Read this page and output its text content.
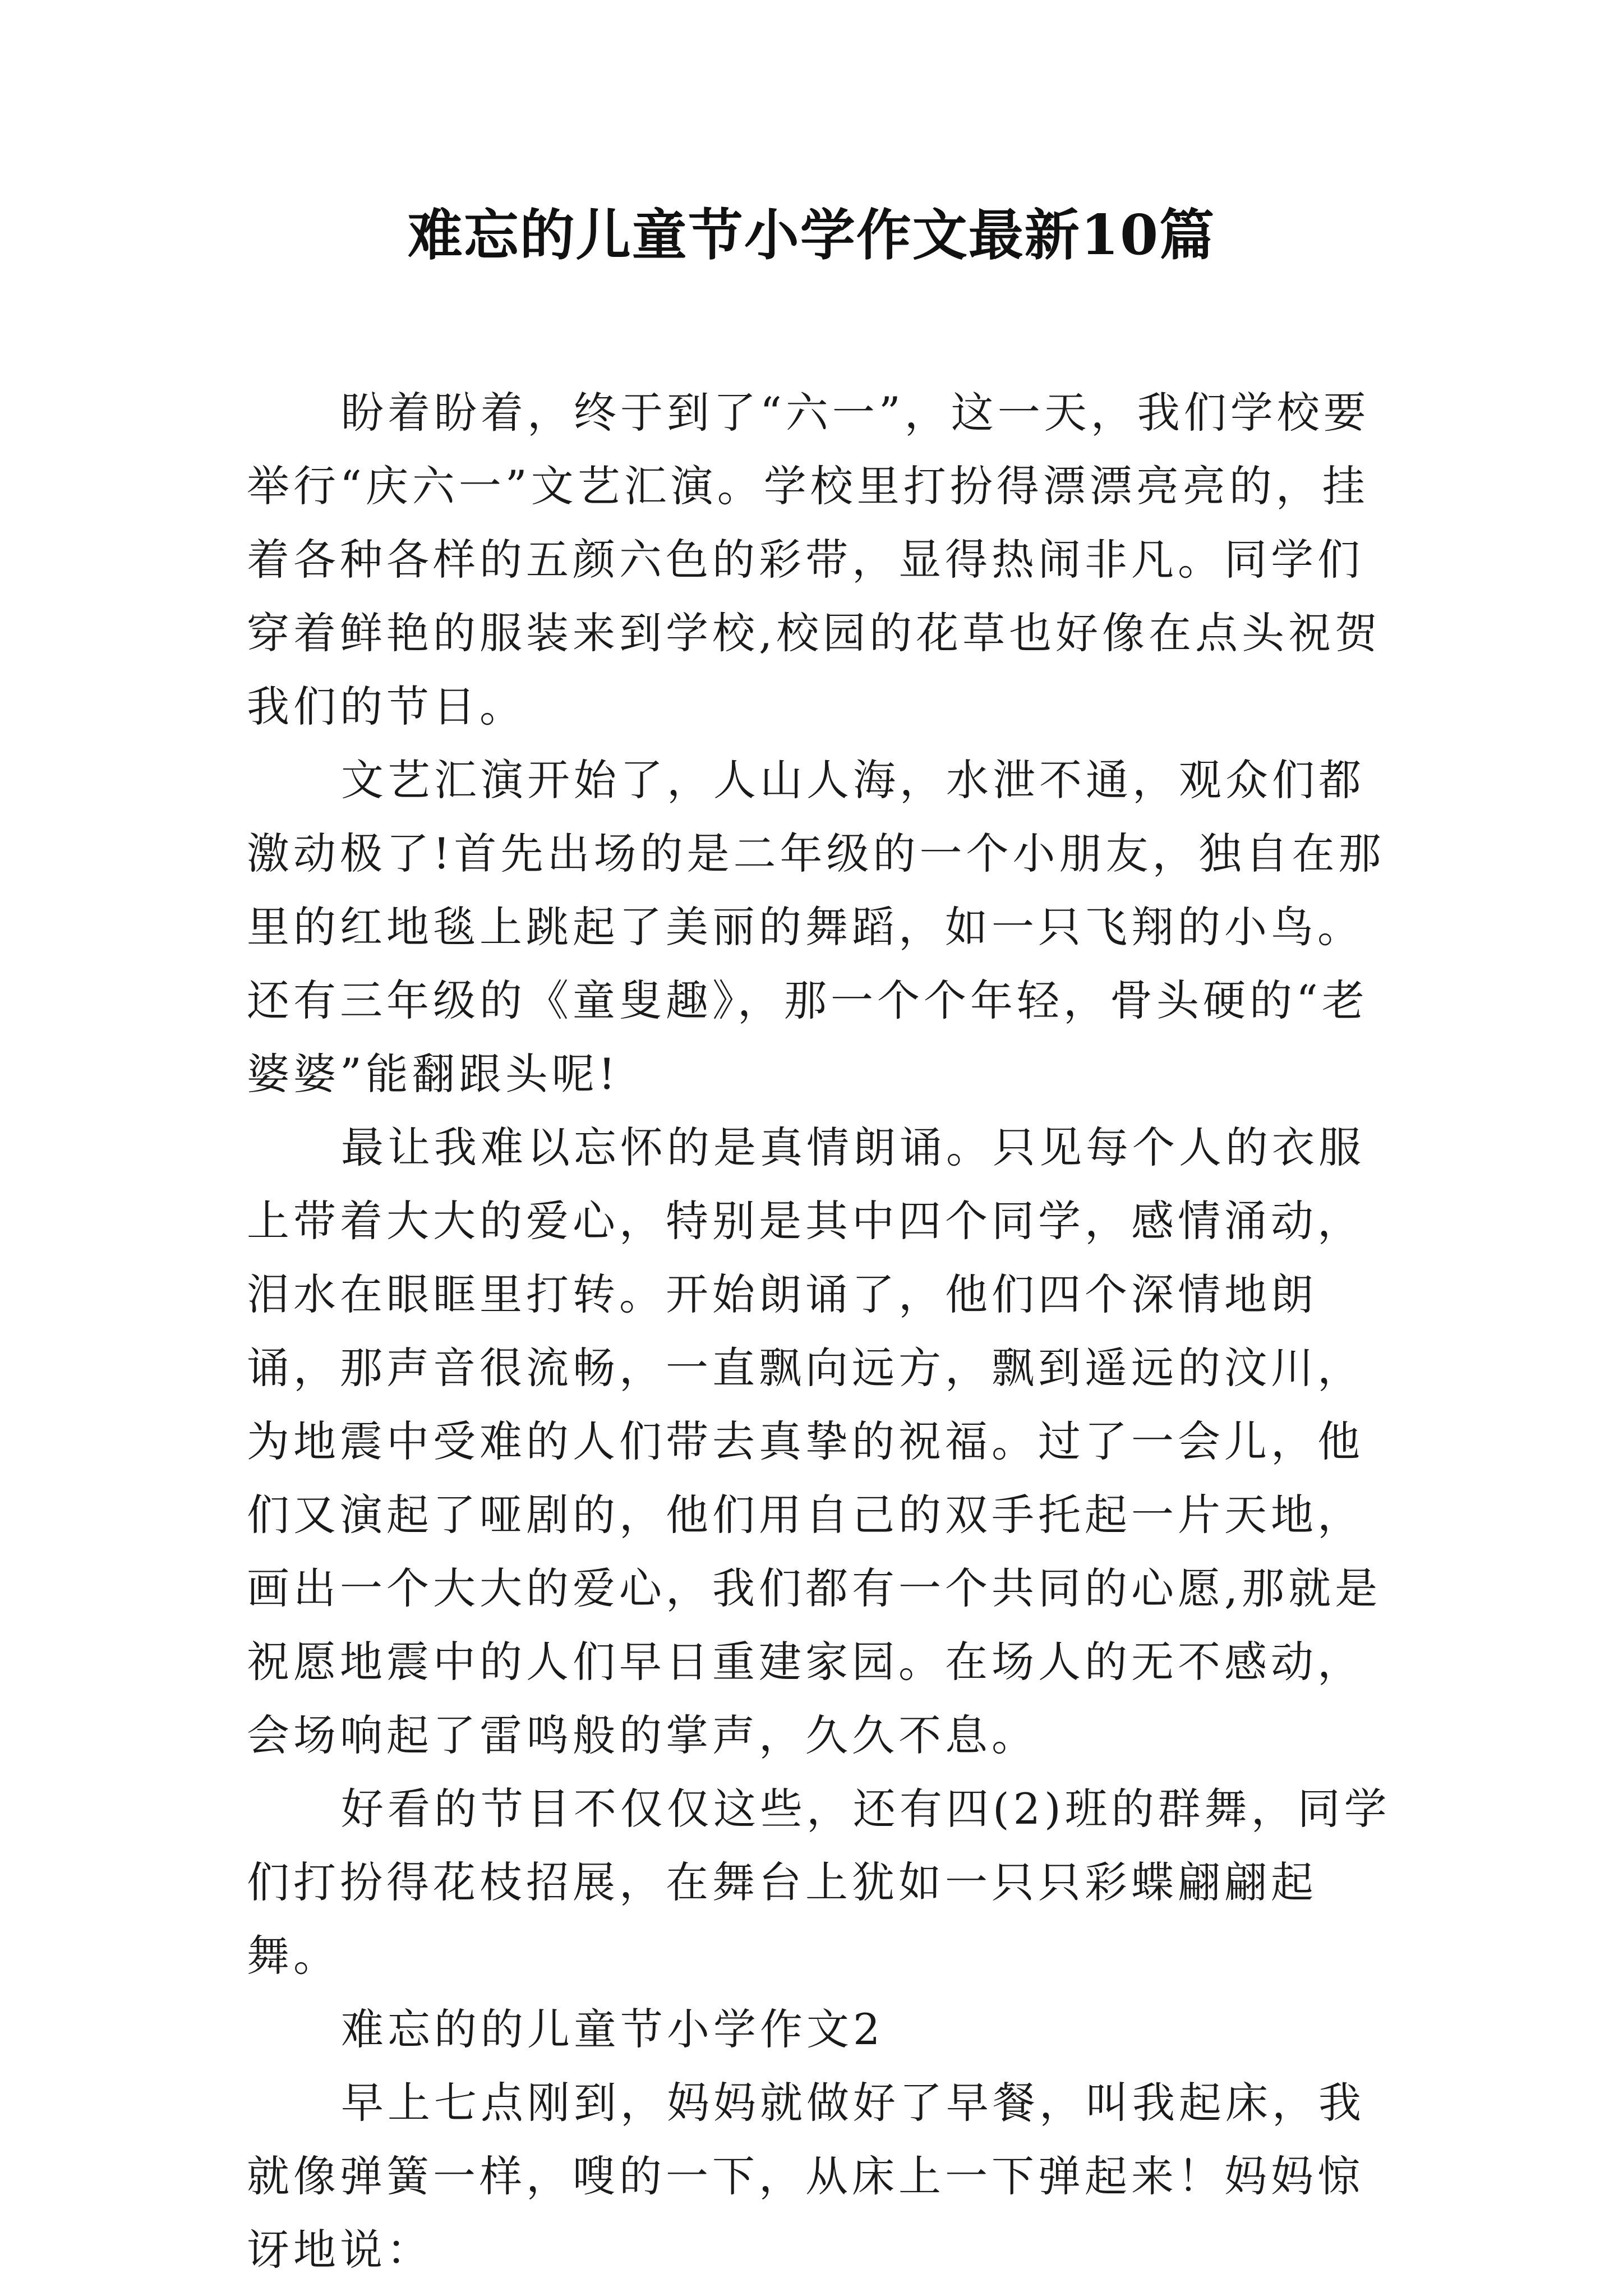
难忘的儿童节小学作文最新10篇

盼着盼着，终于到了“六一”，这一天，我们学校要举行“庆六一”文艺汇演。学校里打扮得漂漂亮亮的，挂着各种各样的五颜六色的彩带，显得热闹非凡。同学们穿着鲜艳的服装来到学校,校园的花草也好像在点头祝贺我们的节日。

文艺汇演开始了，人山人海，水泄不通，观众们都激动极了!首先出场的是二年级的一个小朋友，独自在那里的红地毯上跳起了美丽的舞蹈，如一只飞翔的小鸟。还有三年级的《童叟趣》，那一个个年轻，骨头硬的“老婆婆”能翻跟头呢!

最让我难以忘怀的是真情朗诵。只见每个人的衣服上带着大大的爱心，特别是其中四个同学，感情涌动，泪水在眼眶里打转。开始朗诵了，他们四个深情地朗诵，那声音很流畅，一直飘向远方，飘到遥远的汶川，为地震中受难的人们带去真挚的祝福。过了一会儿，他们又演起了哑剧的，他们用自己的双手托起一片天地，画出一个大大的爱心，我们都有一个共同的心愿,那就是祝愿地震中的人们早日重建家园。在场人的无不感动，会场响起了雷鸣般的掌声，久久不息。

好看的节目不仅仅这些，还有四(2)班的群舞，同学们打扮得花枝招展，在舞台上犹如一只只彩蝶翩翩起舞。

难忘的的儿童节小学作文2

早上七点刚到，妈妈就做好了早餐，叫我起床，我就像弹簧一样，嗖的一下，从床上一下弹起来！妈妈惊讶地说：
